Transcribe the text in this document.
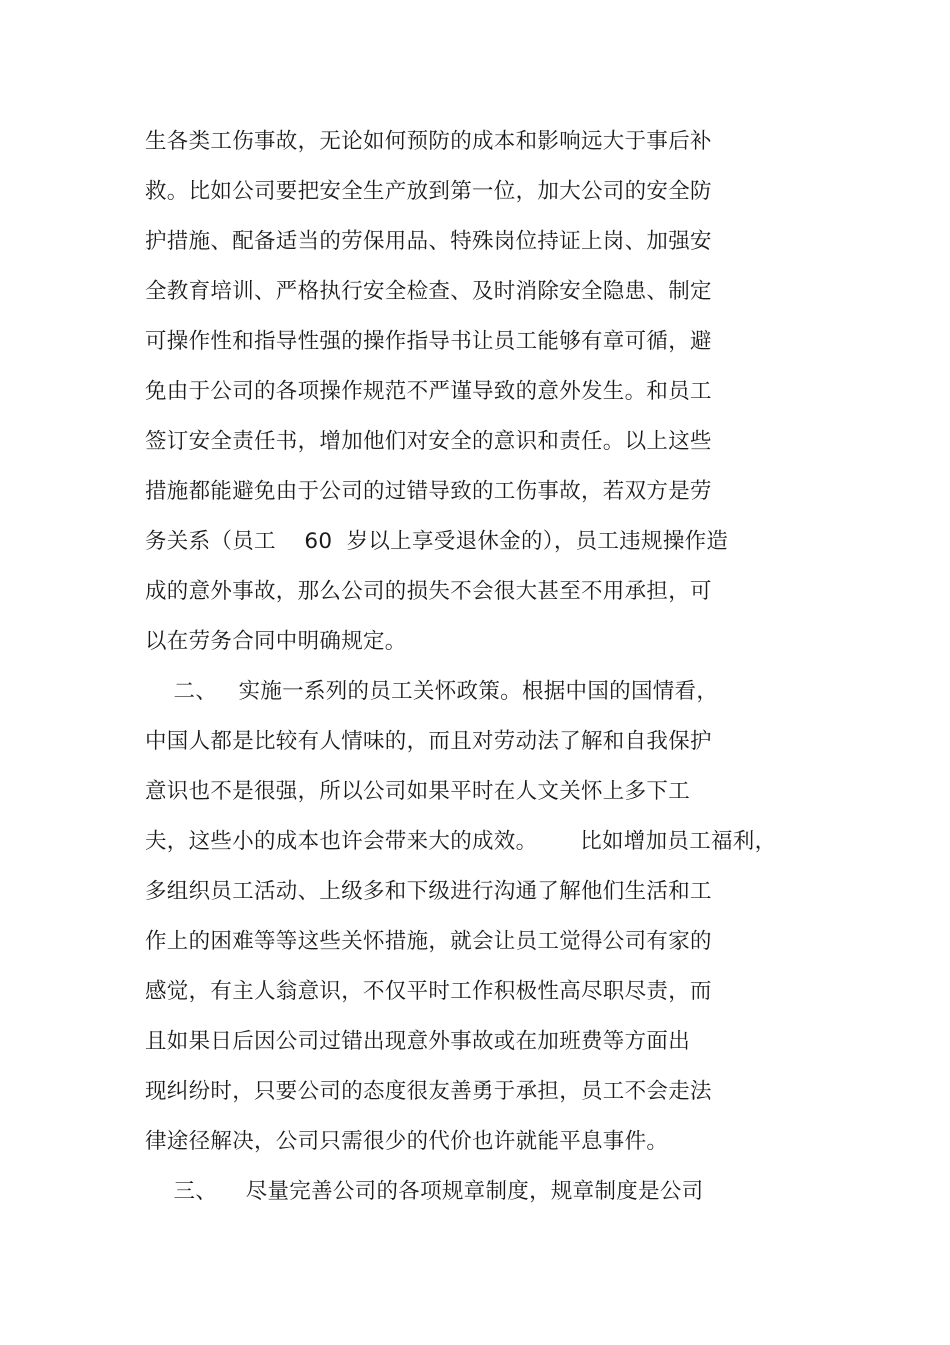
生各类工伤事故，无论如何预防的成本和影响远大于事后补
救。比如公司要把安全生产放到第一位，加大公司的安全防
护措施、配备适当的劳保用品、特殊岗位持证上岗、加强安
全教育培训、严格执行安全检查、及时消除安全隐患、制定
可操作性和指导性强的操作指导书让员工能够有章可循，避
免由于公司的各项操作规范不严谨导致的意外发生。和员工
签订安全责任书，增加他们对安全的意识和责任。以上这些
措施都能避免由于公司的过错导致的工伤事故，若双方是劳
务关系（员工    60  岁以上享受退休金的），员工违规操作造
成的意外事故，那么公司的损失不会很大甚至不用承担，可
以在劳务合同中明确规定。
二、   实施一系列的员工关怀政策。根据中国的国情看，
中国人都是比较有人情味的，而且对劳动法了解和自我保护
意识也不是很强，所以公司如果平时在人文关怀上多下工
夫，这些小的成本也许会带来大的成效。      比如增加员工福利，
多组织员工活动、上级多和下级进行沟通了解他们生活和工
作上的困难等等这些关怀措施，就会让员工觉得公司有家的
感觉，有主人翁意识，不仅平时工作积极性高尽职尽责，而
且如果日后因公司过错出现意外事故或在加班费等方面出
现纠纷时，只要公司的态度很友善勇于承担，员工不会走法
律途径解决，公司只需很少的代价也许就能平息事件。
三、    尽量完善公司的各项规章制度，规章制度是公司
